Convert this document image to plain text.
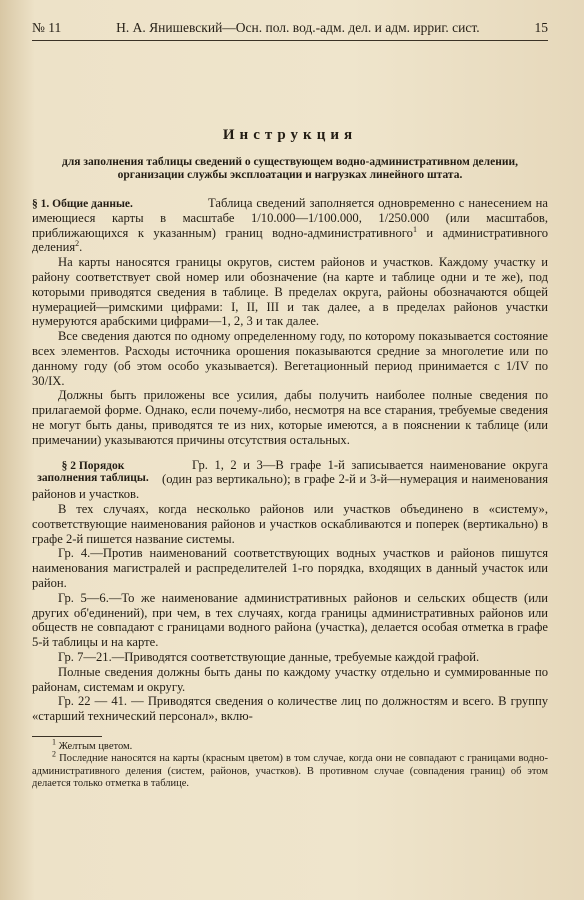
№ 11	Н. А. Янишевский—Осн. пол. вод.-адм. дел. и адм. ирриг. сист.	15
Инструкция
для заполнения таблицы сведений о существующем водно-административном делении, организации службы эксплоатации и нагрузках линейного штата.

§ 1. Общие данные.	Таблица сведений заполняется одновременно с нанесением на имеющиеся карты в масштабе 1/10.000—1/100.000, 1/250.000 (или масштабов, приближающихся к указанным) границ водно-административного$^1$ и административного деления$^2$.

На карты наносятся границы округов, систем районов и участков. Каждому участку и району соответствует свой номер или обозначение (на карте и таблице одни и те же), под которыми приводятся сведения в таблице. В пределах округа, районы обозначаются общей нумерацией—римскими цифрами: I, II, III и так далее, а в пределах районов участки нумеруются арабскими цифрами—1, 2, 3 и так далее.

Все сведения даются по одному определенному году, по которому показывается состояние всех элементов. Расходы источника орошения показываются средние за многолетие или по данному году (об этом особо указывается). Вегетационный период принимается с 1/IV по 30/IX.

Должны быть приложены все усилия, дабы получить наиболее полные сведения по прилагаемой форме. Однако, если почему-либо, несмотря на все старания, требуемые сведения не могут быть даны, приводятся те из них, которые имеются, а в пояснении к таблице (или примечании) указываются причины отсутствия остальных.

§ 2 Порядок заполнения таблицы.
Гр. 1, 2 и 3—В графе 1-й записывается наименование округа (один раз вертикально); в графе 2-й и 3-й—нумерация и наименования районов и участков.

В тех случаях, когда несколько районов или участков объединено в «систему», соответствующие наименования районов и участков оскабливаются и поперек (вертикально) в графе 2-й пишется название системы.

Гр. 4.—Против наименований соответствующих водных участков и районов пишутся наименования магистралей и распределителей 1-го порядка, входящих в данный участок или район.

Гр. 5—6.—То же наименование административных районов и сельских обществ (или других об'единений), при чем, в тех случаях, когда границы административных районов или обществ не совпадают с границами водного района (участка), делается особая отметка в графе 5-й таблицы и на карте.

Гр. 7—21.—Приводятся соответствующие данные, требуемые каждой графой.

Полные сведения должны быть даны по каждому участку отдельно и суммированные по районам, системам и округу.

Гр. 22 — 41. — Приводятся сведения о количестве лиц по должностям и всего. В группу «старший технический персонал», вклю-

$^1$ Желтым цветом.

$^2$ Последние наносятся на карты (красным цветом) в том случае, когда они не совпадают с границами водно-административного деления (систем, районов, участков). В противном случае (совпадения границ) об этом делается только отметка в таблице.
